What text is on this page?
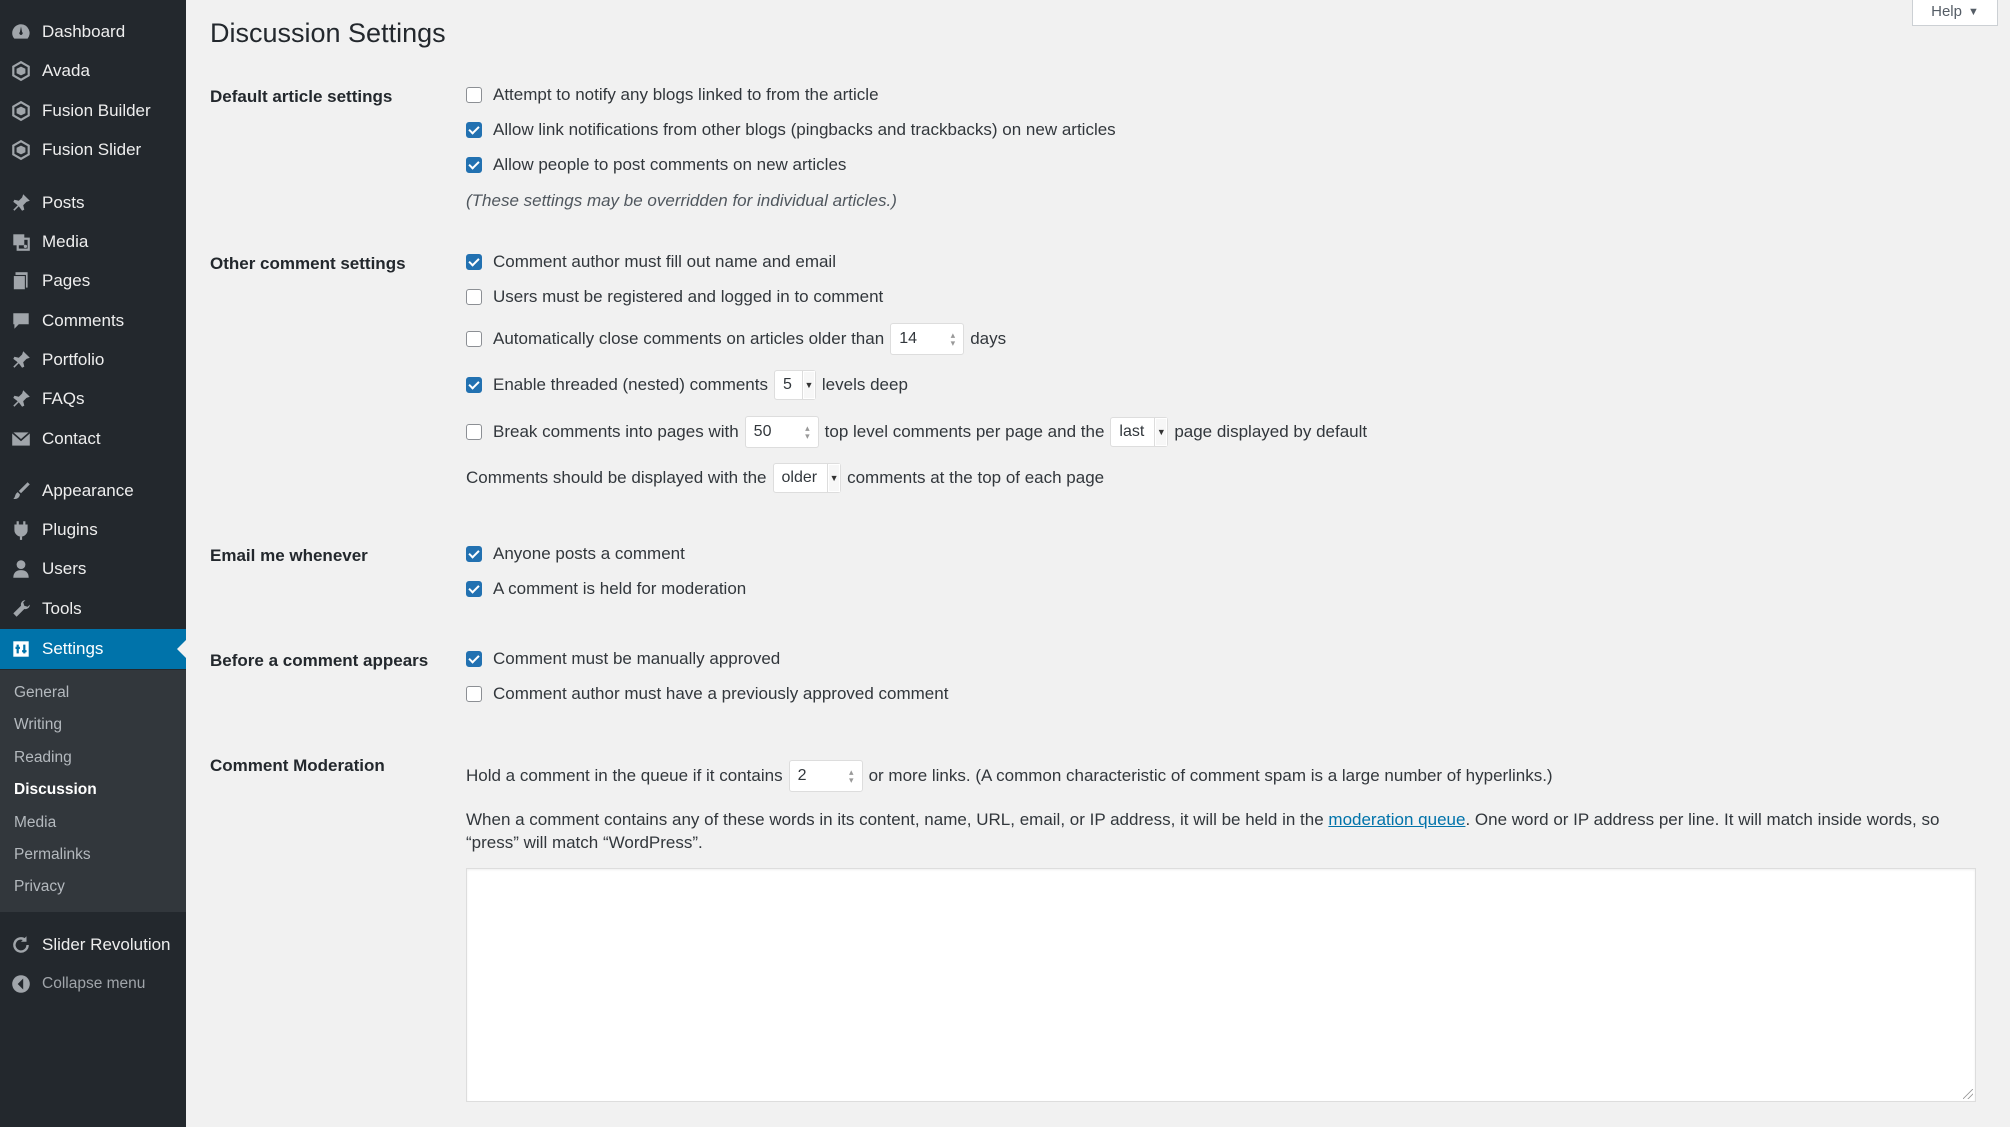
Dashboard
Avada
Fusion Builder
Fusion Slider
Posts
Media
Pages
Comments
Portfolio
FAQs
Contact
Appearance
Plugins
Users
Tools
Settings
General
Writing
Reading
Discussion
Media
Permalinks
Privacy
Slider Revolution
Collapse menu
Help ▼
Discussion Settings
Default article settings	Attempt to notify any blogs linked to from the article
Allow link notifications from other blogs (pingbacks and trackbacks) on new articles
Allow people to post comments on new articles
(These settings may be overridden for individual articles.)
Other comment settings	Comment author must fill out name and email
Users must be registered and logged in to comment
Automatically close comments on articles older than 14	▴
▾ days
Enable threaded (nested) comments 5 ▼ levels deep
Break comments into pages with 50	▴
▾ top level comments per page and the last ▼ page displayed by default
Comments should be displayed with the older ▼ comments at the top of each page
Email me whenever	Anyone posts a comment
A comment is held for moderation
Before a comment appears	Comment must be manually approved
Comment author must have a previously approved comment
Comment Moderation
Hold a comment in the queue if it contains 2	▴
▾ or more links. (A common characteristic of comment spam is a large number of hyperlinks.)
When a comment contains any of these words in its content, name, URL, email, or IP address, it will be held in the moderation queue. One word or IP address per line. It will match inside words, so “press” will match “WordPress”.
